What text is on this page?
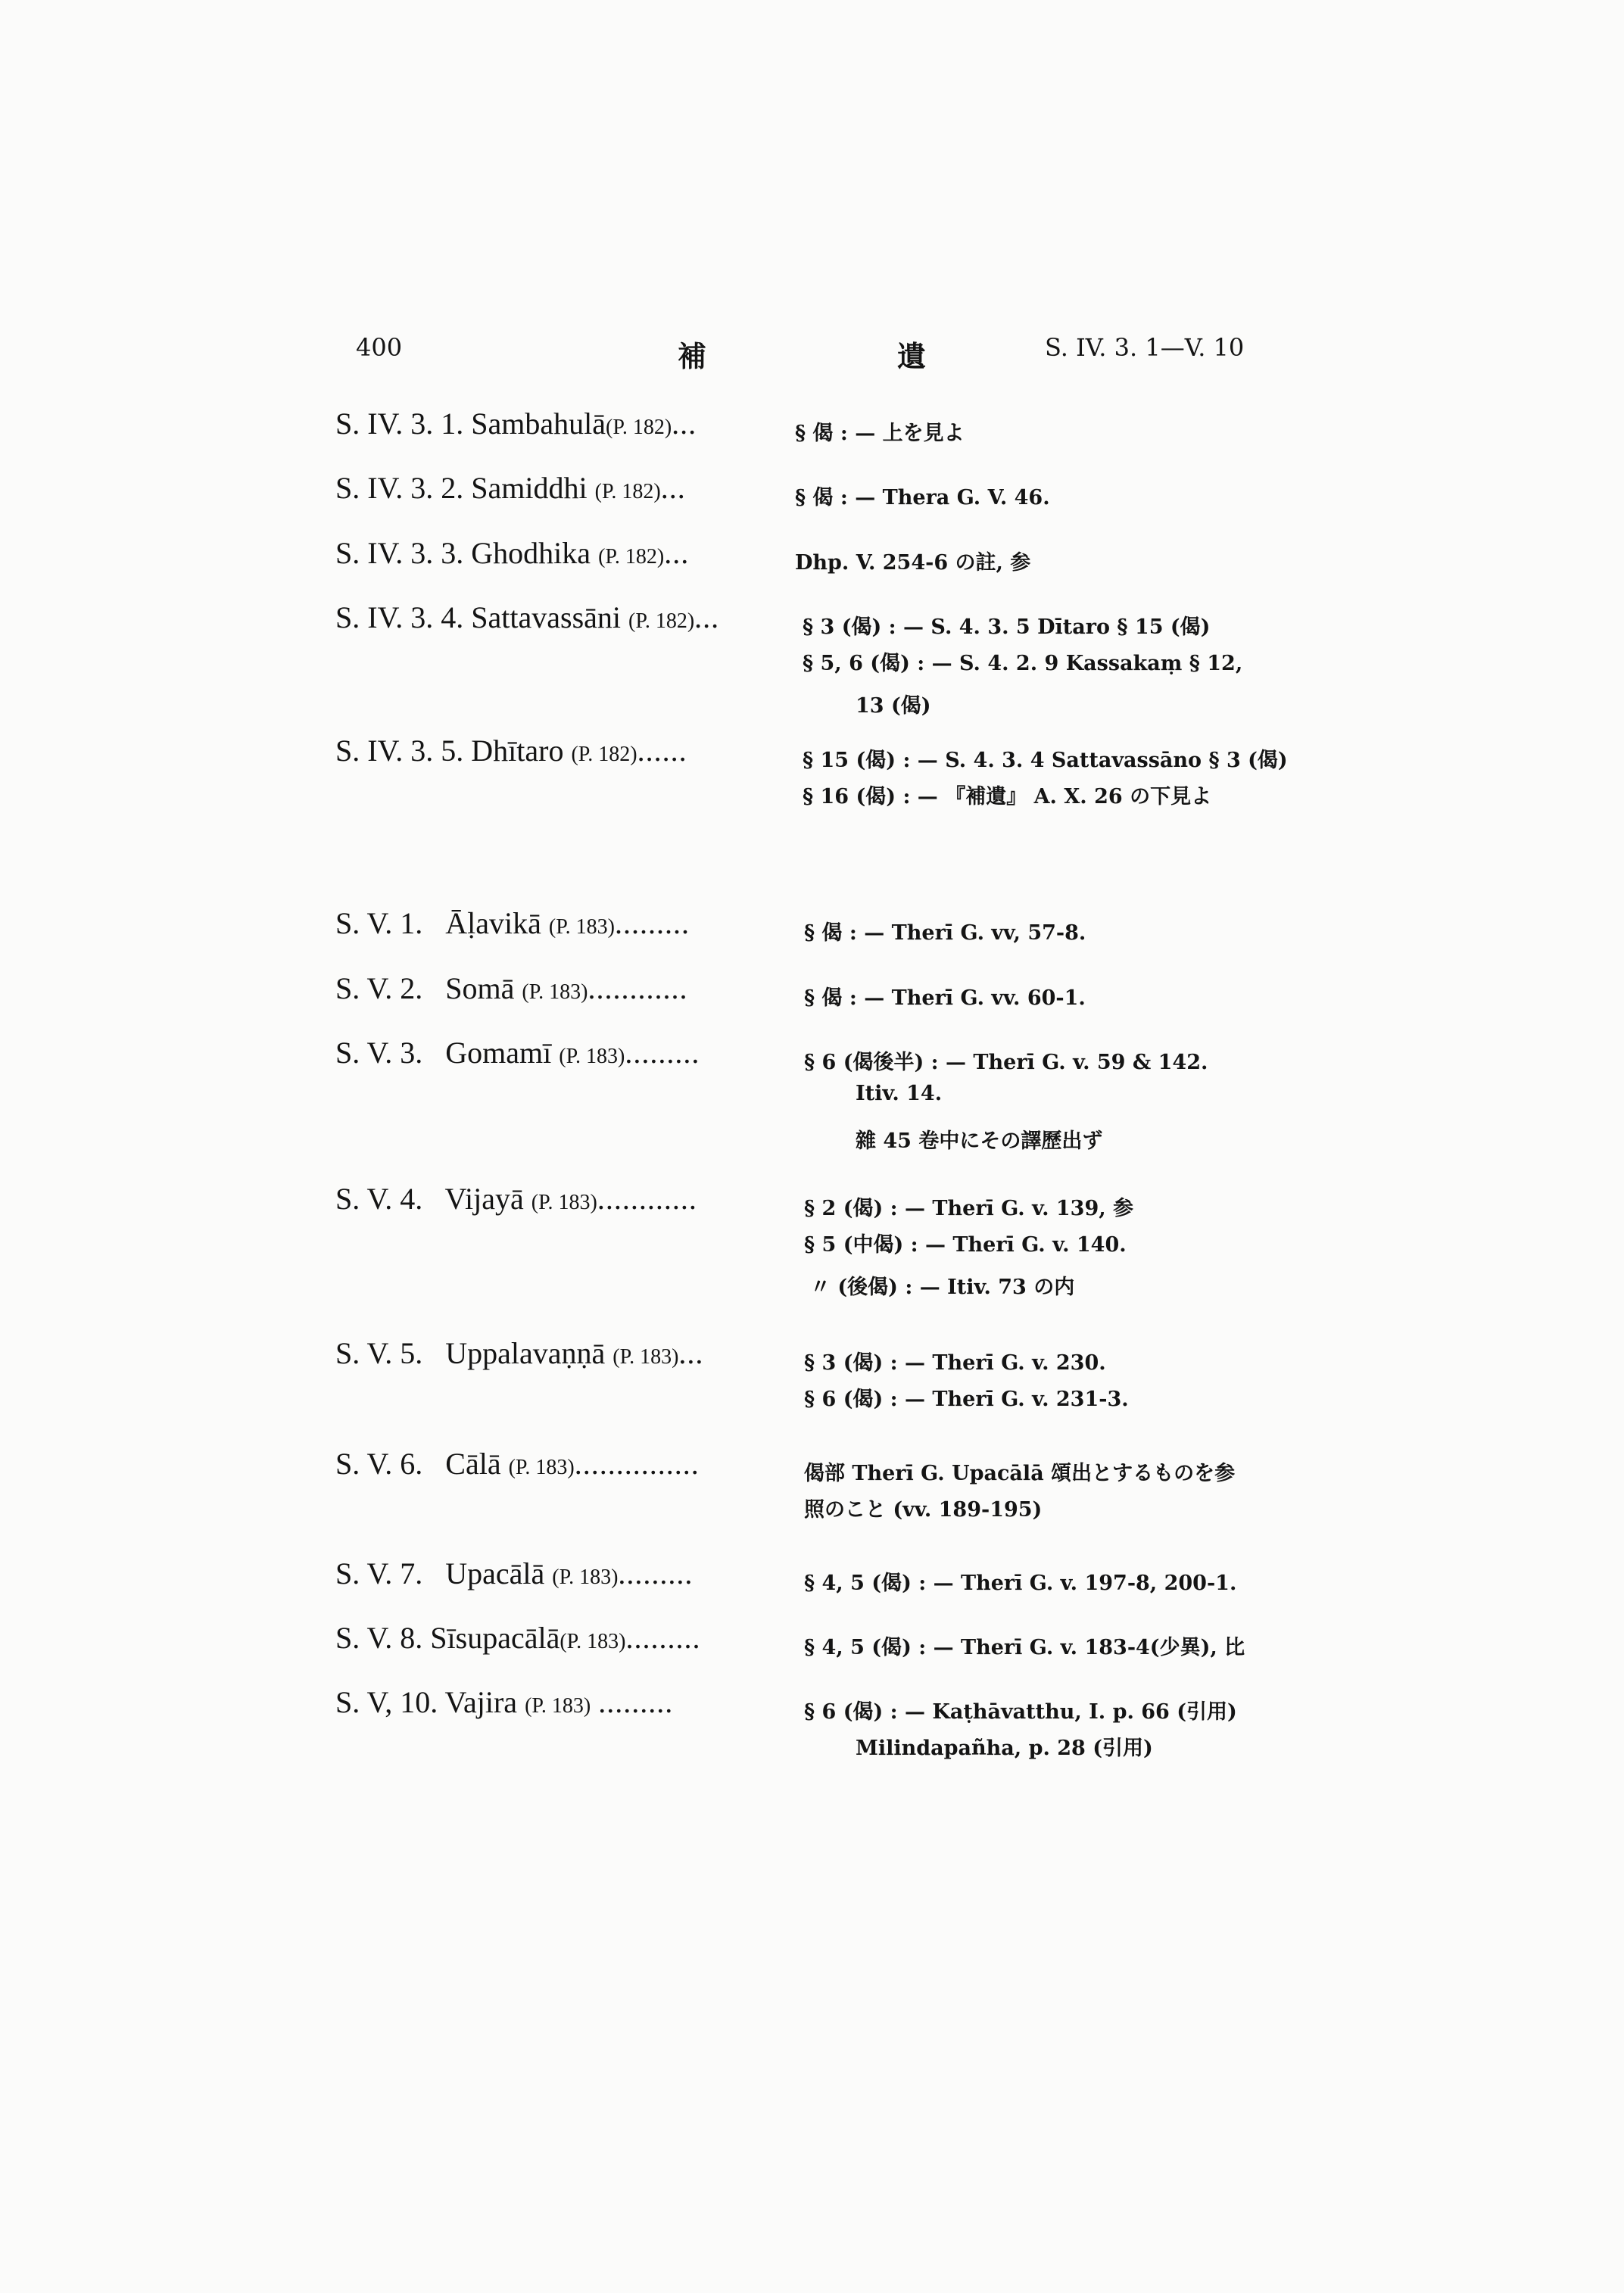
400	補	遺	S. IV. 3. 1—V. 10
S. IV. 3. 1. Sambahulā(P. 182)...	§ 偈 : — 上を見よ
S. IV. 3. 2. Samiddhi (P. 182)...	§ 偈 : — Thera G. V. 46.
S. IV. 3. 3. Ghodhika (P. 182)...	Dhp. V. 254-6 の註, 参
S. IV. 3. 4. Sattavassāni (P. 182)...	§ 3 (偈) : — S. 4. 3. 5 Dītaro § 15 (偈)
§ 5, 6 (偈) : — S. 4. 2. 9 Kassakaṃ § 12,
13 (偈)
S. IV. 3. 5. Dhītaro (P. 182)......	§ 15 (偈) : — S. 4. 3. 4 Sattavassāno § 3 (偈)
§ 16 (偈) : — 『補遺』 A. X. 26 の下見よ
S. V. 1. Āḷavikā (P. 183).........	§ 偈 : — Therī G. vv, 57-8.
S. V. 2. Somā (P. 183)............	§ 偈 : — Therī G. vv. 60-1.
S. V. 3. Gomamī (P. 183).........	§ 6 (偈後半) : — Therī G. v. 59 & 142.
Itiv. 14.
雜 45 卷中にその譯歷出ず
S. V. 4. Vijayā (P. 183)............	§ 2 (偈) : — Therī G. v. 139, 参
§ 5 (中偈) : — Therī G. v. 140.
〃 (後偈) : — Itiv. 73 の内
S. V. 5. Uppalavaṇṇā (P. 183)...	§ 3 (偈) : — Therī G. v. 230.
§ 6 (偈) : — Therī G. v. 231-3.
S. V. 6. Cālā (P. 183)...............	偈部 Therī G. Upacālā 頌出とするものを参
照のこと (vv. 189-195)
S. V. 7. Upacālā (P. 183).........	§ 4, 5 (偈) : — Therī G. v. 197-8, 200-1.
S. V. 8. Sīsupacālā(P. 183).........	§ 4, 5 (偈) : — Therī G. v. 183-4(少異), 比
S. V, 10. Vajira (P. 183) .........	§ 6 (偈) : — Kaṭhāvatthu, I. p. 66 (引用)
Milindapañha, p. 28 (引用)
